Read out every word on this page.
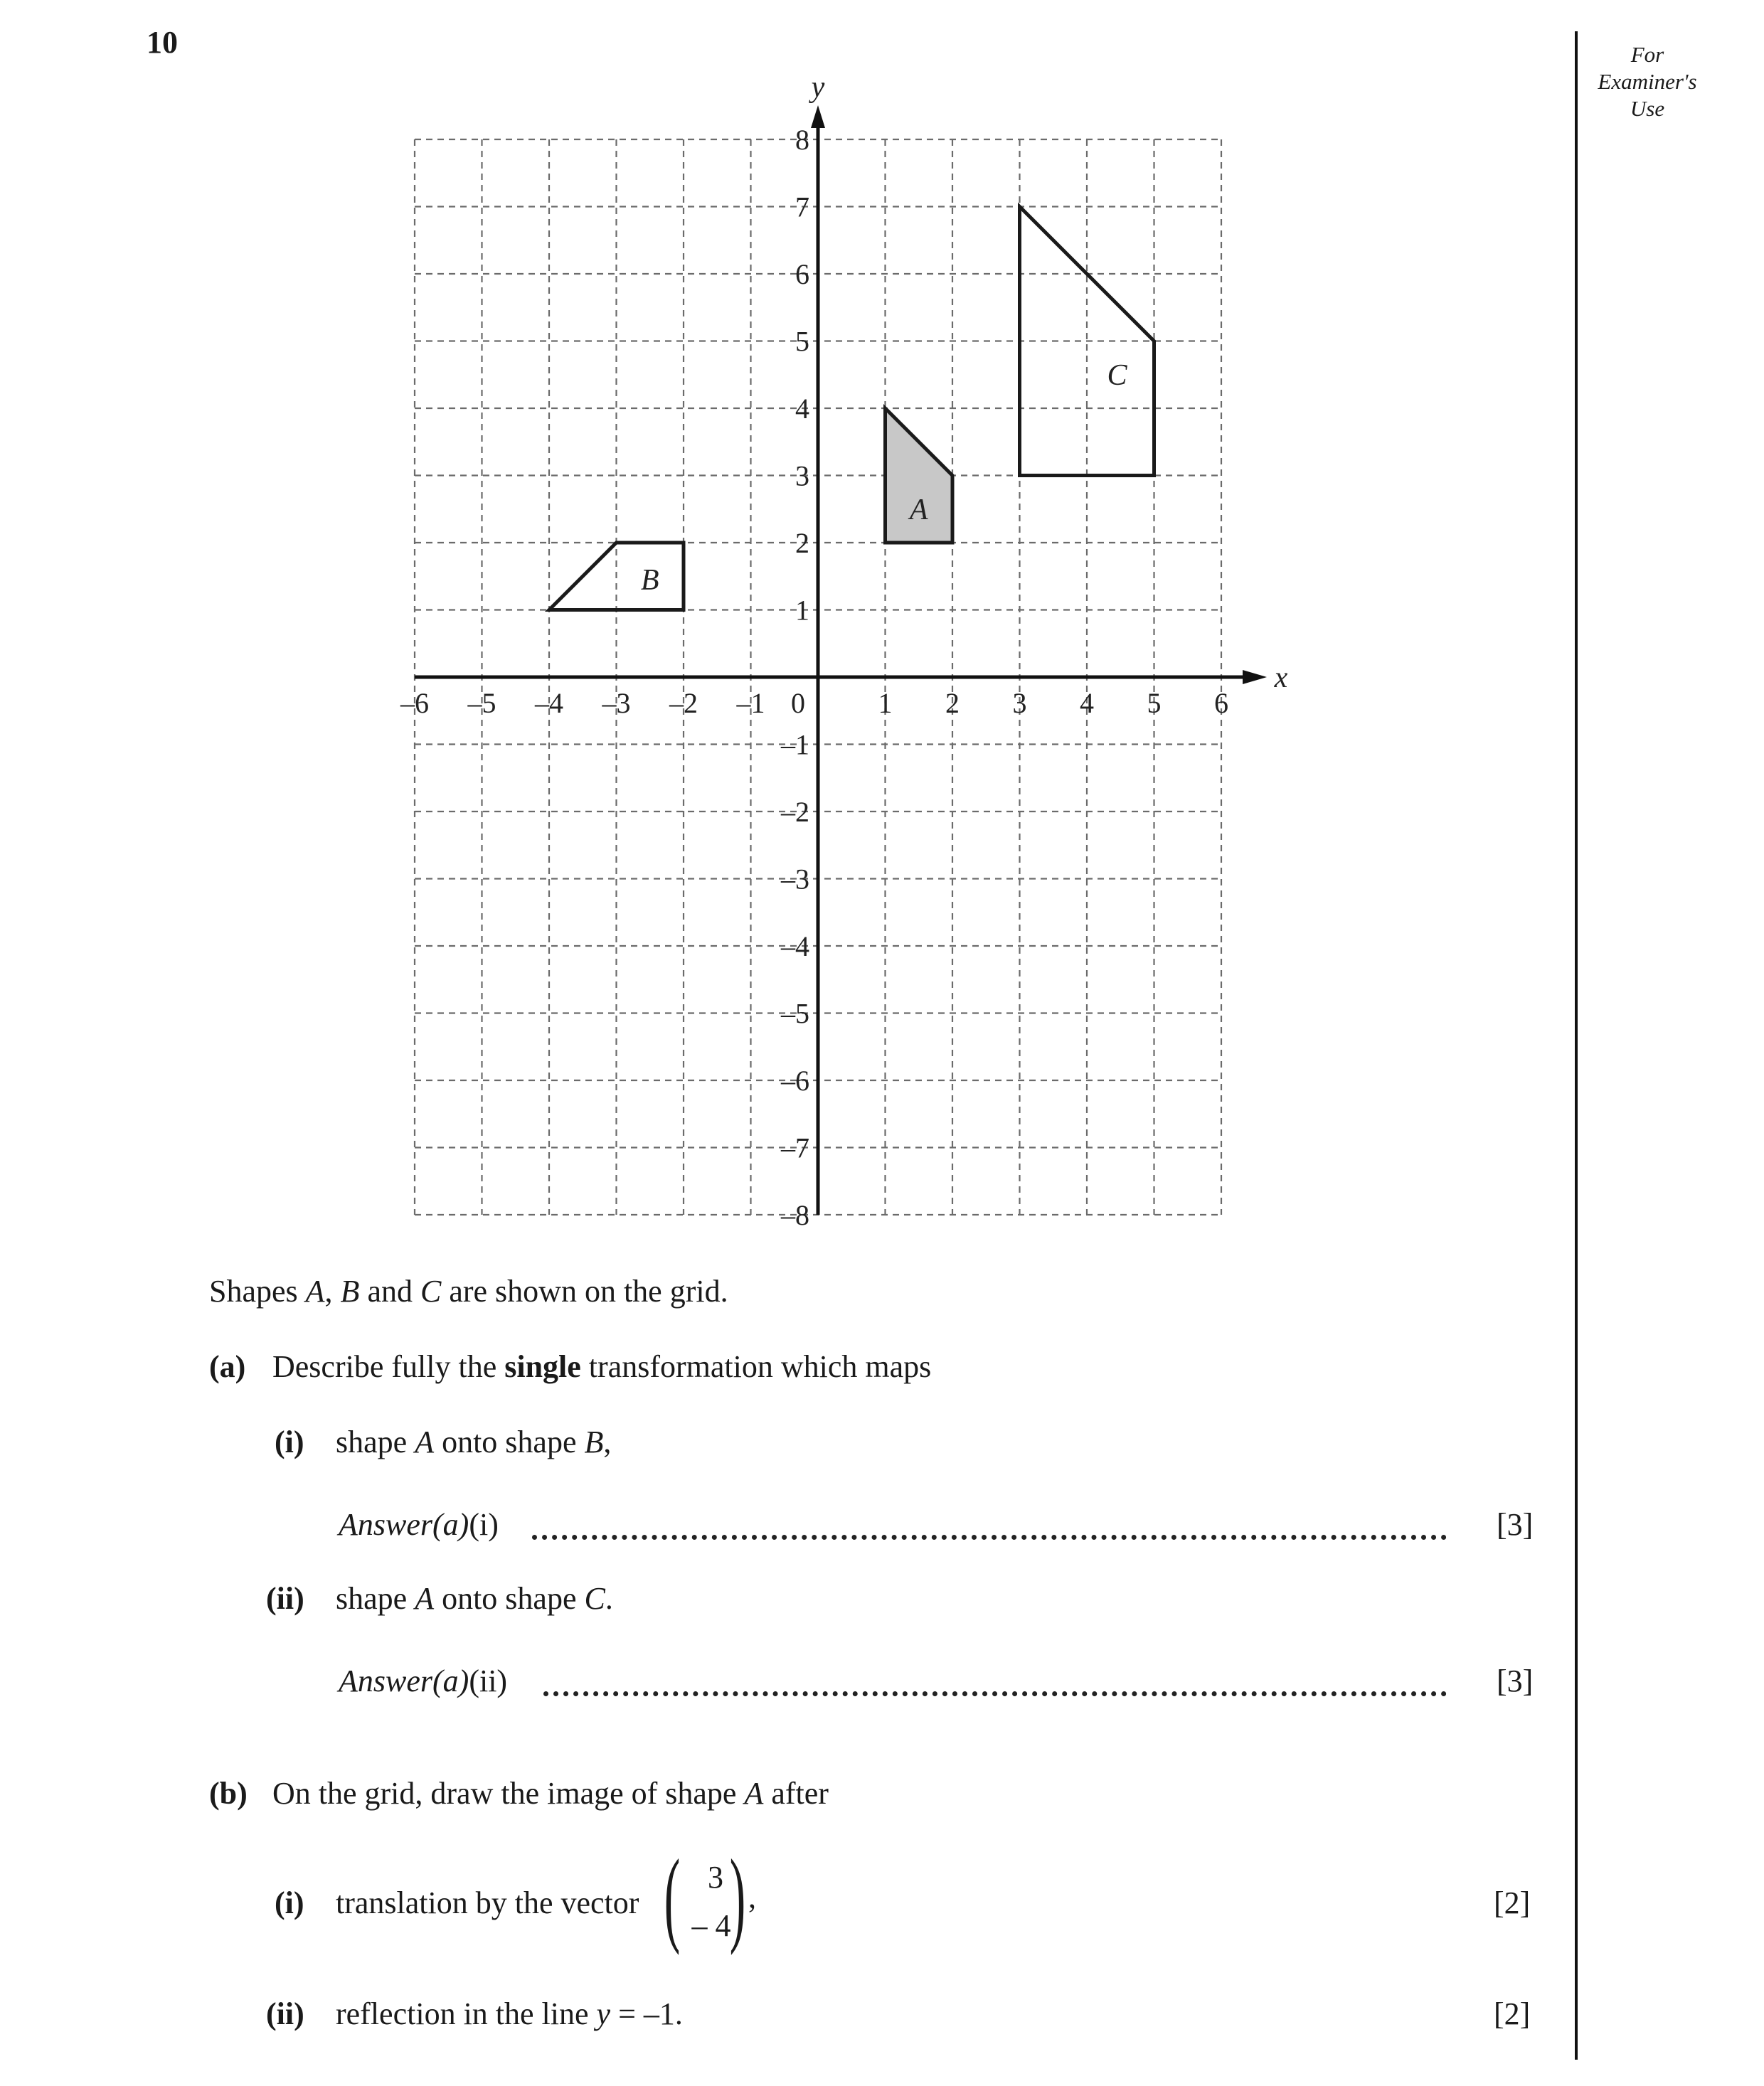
10	For
Examiner's
Use
x
y
–6 –5 –4 –3 –2 –1 0	1 2 3 4 5 6
1
2
3
4
5
6
7
8
–1
–2
–3
–4
–5
–6
–7
–8
A
B
C
Shapes A, B and C are shown on the grid.
(a) Describe fully the single transformation which maps
(i) shape A onto shape B,
Answer(a)(i)	[3]
(ii) shape A onto shape C.
Answer(a)(ii)	[3]
(b) On the grid, draw the image of shape A after
(i) translation by the vector ( 3
– 4
) ,	[2]
(ii) reflection in the line y = –1.	[2]
